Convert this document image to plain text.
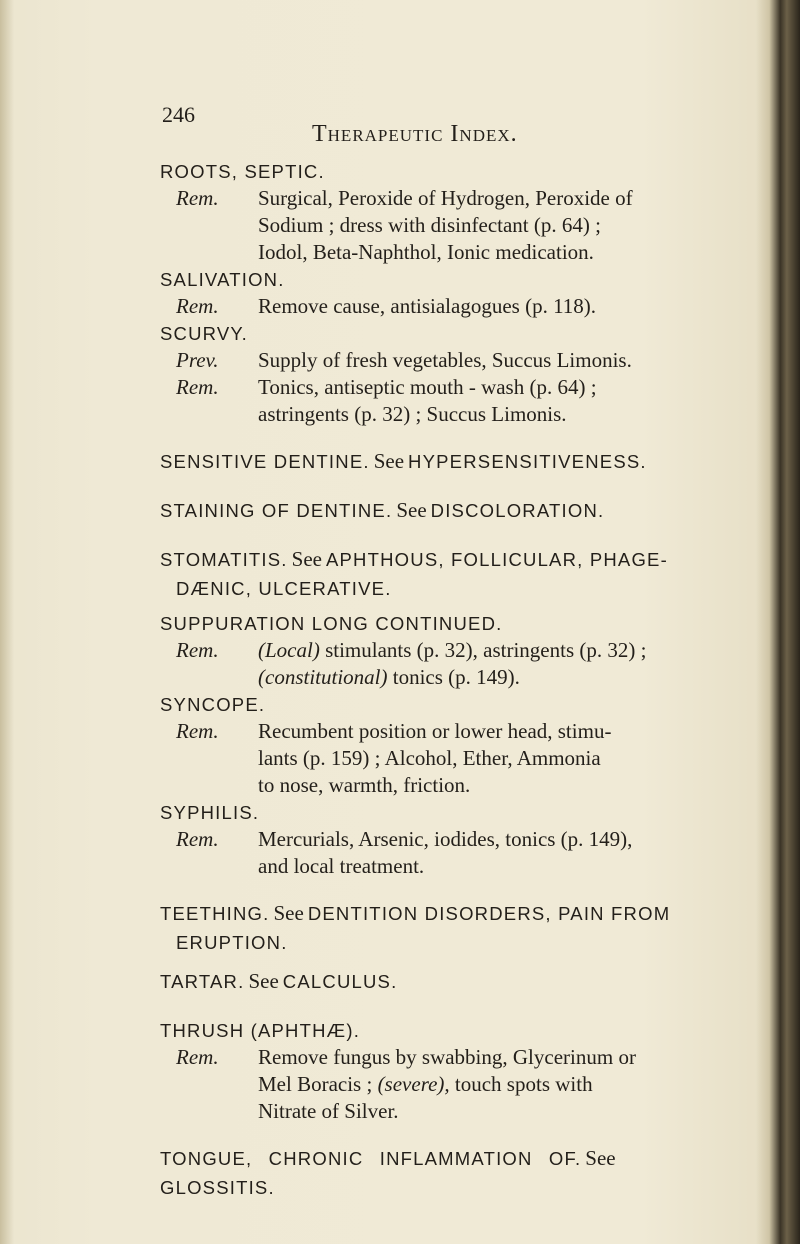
246
Therapeutic Index.
ROOTS, SEPTIC.
Rem. Surgical, Peroxide of Hydrogen, Peroxide of
Sodium ; dress with disinfectant (p. 64) ;
Iodol, Beta-Naphthol, Ionic medication.
SALIVATION.
Rem. Remove cause, antisialagogues (p. 118).
SCURVY.
Prev. Supply of fresh vegetables, Succus Limonis.
Rem. Tonics, antiseptic mouth - wash (p. 64) ;
astringents (p. 32) ; Succus Limonis.
SENSITIVE DENTINE. See HYPERSENSITIVENESS.
STAINING OF DENTINE. See DISCOLORATION.
STOMATITIS. See APHTHOUS, FOLLICULAR, PHAGE-
DÆNIC, ULCERATIVE.
SUPPURATION LONG CONTINUED.
Rem. (Local) stimulants (p. 32), astringents (p. 32) ;
(constitutional) tonics (p. 149).
SYNCOPE.
Rem. Recumbent position or lower head, stimu-
lants (p. 159) ; Alcohol, Ether, Ammonia
to nose, warmth, friction.
SYPHILIS.
Rem. Mercurials, Arsenic, iodides, tonics (p. 149),
and local treatment.
TEETHING. See DENTITION DISORDERS, PAIN FROM
ERUPTION.
TARTAR. See CALCULUS.
THRUSH (APHTHÆ).
Rem. Remove fungus by swabbing, Glycerinum or
Mel Boracis ; (severe), touch spots with
Nitrate of Silver.
TONGUE, CHRONIC INFLAMMATION OF. See
GLOSSITIS.
